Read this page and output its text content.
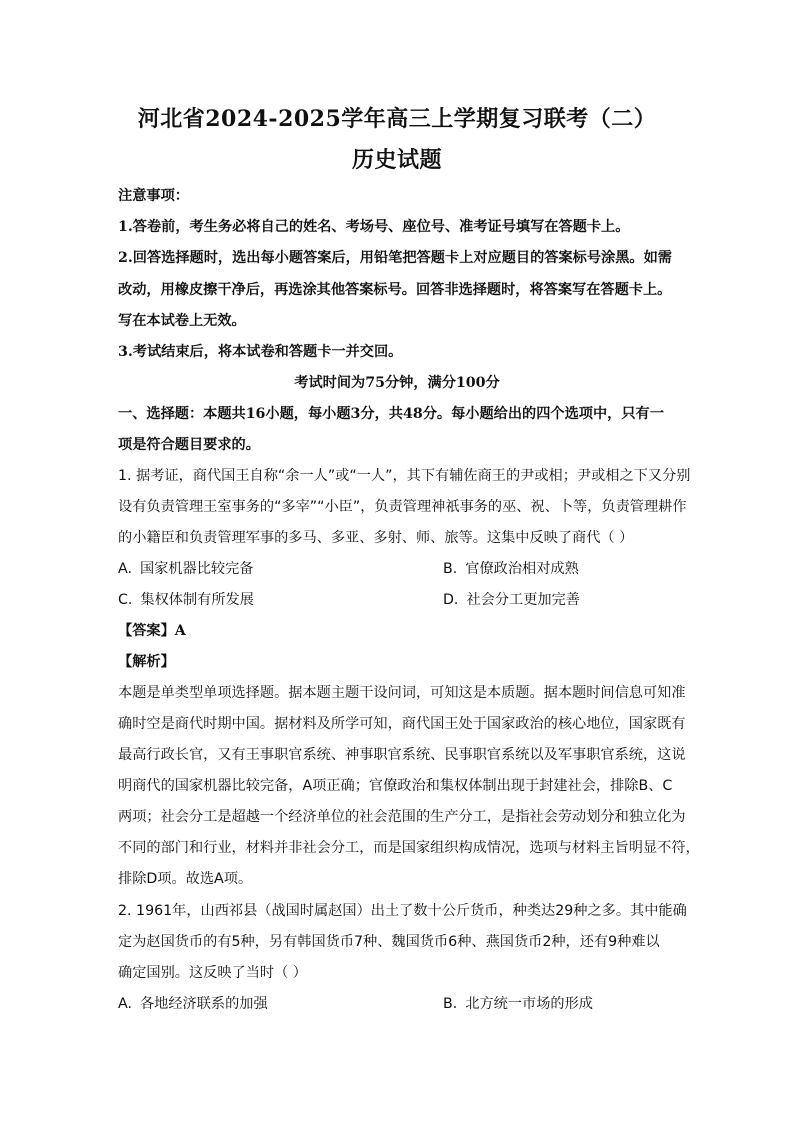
河北省2024-2025学年高三上学期复习联考（二）
历史试题
注意事项：
1.答卷前，考生务必将自己的姓名、考场号、座位号、准考证号填写在答题卡上。
2.回答选择题时，选出每小题答案后，用铅笔把答题卡上对应题目的答案标号涂黑。如需
改动，用橡皮擦干净后，再选涂其他答案标号。回答非选择题时，将答案写在答题卡上。
写在本试卷上无效。
3.考试结束后，将本试卷和答题卡一并交回。
考试时间为75分钟，满分100分
一、选择题：本题共16小题，每小题3分，共48分。每小题给出的四个选项中，只有一
项是符合题目要求的。
1. 据考证，商代国王自称“余一人”或“一人”，其下有辅佐商王的尹或相；尹或相之下又分别
设有负责管理王室事务的“多宰”“小臣”，负责管理神祇事务的巫、祝、卜等，负责管理耕作
的小籍臣和负责管理军事的多马、多亚、多射、师、旅等。这集中反映了商代（ ）
A. 国家机器比较完备	B. 官僚政治相对成熟
C. 集权体制有所发展	D. 社会分工更加完善
【答案】A
【解析】
本题是单类型单项选择题。据本题主题干设问词，可知这是本质题。据本题时间信息可知准
确时空是商代时期中国。据材料及所学可知，商代国王处于国家政治的核心地位，国家既有
最高行政长官，又有王事职官系统、神事职官系统、民事职官系统以及军事职官系统，这说
明商代的国家机器比较完备，A项正确；官僚政治和集权体制出现于封建社会，排除B、C
两项；社会分工是超越一个经济单位的社会范围的生产分工，是指社会劳动划分和独立化为
不同的部门和行业，材料并非社会分工，而是国家组织构成情况，选项与材料主旨明显不符，
排除D项。故选A项。
2. 1961年，山西祁县（战国时属赵国）出土了数十公斤货币，种类达29种之多。其中能确
定为赵国货币的有5种，另有韩国货币7种、魏国货币6种、燕国货币2种，还有9种难以
确定国别。这反映了当时（ ）
A. 各地经济联系的加强	B. 北方统一市场的形成
